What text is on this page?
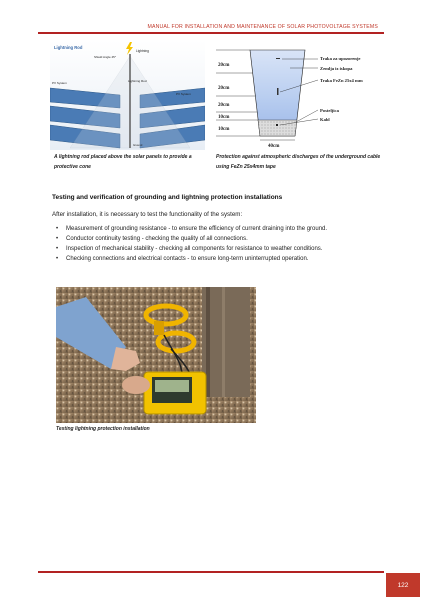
MANUAL FOR INSTALLATION AND MAINTENANCE OF SOLAR PHOTOVOLTAGE SYSTEMS
Lightning Rod
Lightning
Shield Angle 45°
PV System	Lightning Rod
PV System
Ground
20cm
20cm
20cm
10cm
10cm
40cm
Traka za upozorenje
Zemlja iz iskopa
Traka FeZn 25x4 mm
Posteljica
Kabl
A lightning rod placed above the solar panels to provide a protective cone
Protection against atmospheric discharges of the underground cable using FeZn 25x4mm tape
Testing and verification of grounding and lightning protection installations
After installation, it is necessary to test the functionality of the system:
• Measurement of grounding resistance - to ensure the efficiency of current draining into the ground.
• Conductor continuity testing - checking the quality of all connections.
• Inspection of mechanical stability - checking all components for resistance to weather conditions.
• Checking connections and electrical contacts - to ensure long-term uninterrupted operation.
Testing lightning protection installation
122
